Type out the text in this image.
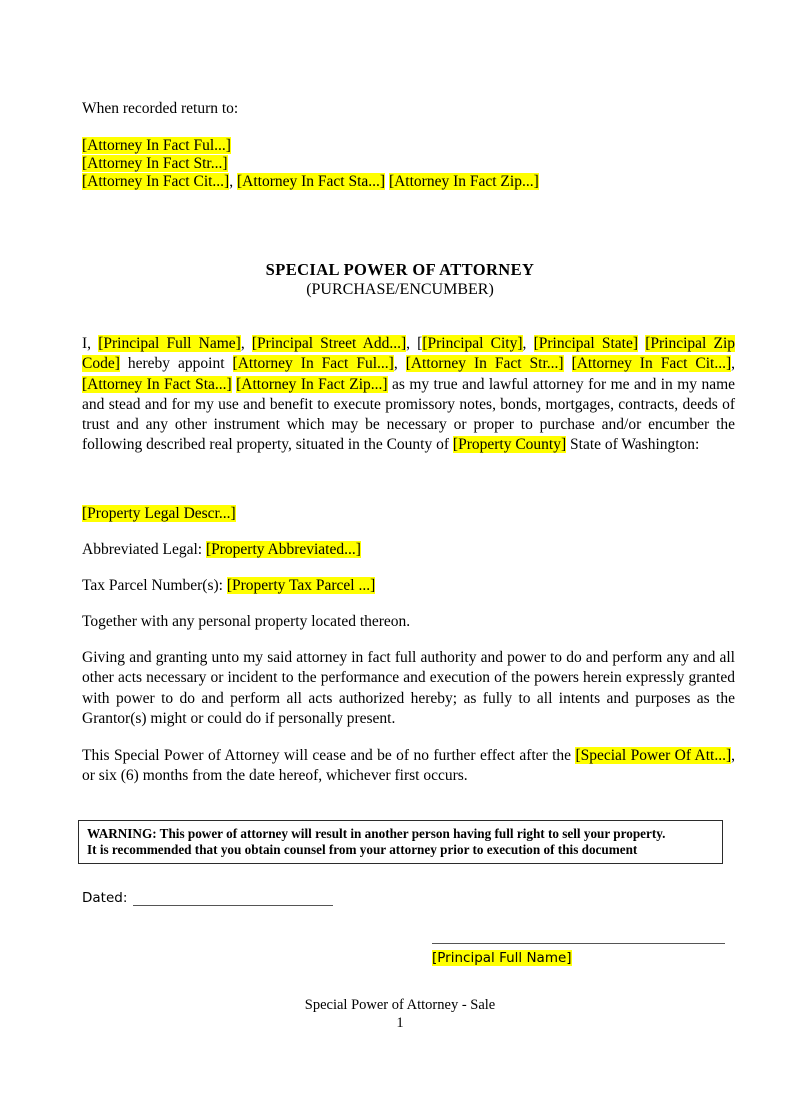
When recorded return to:
[Attorney In Fact Ful...]
[Attorney In Fact Str...]
[Attorney In Fact Cit...], [Attorney In Fact Sta...] [Attorney In Fact Zip...]
SPECIAL POWER OF ATTORNEY
(PURCHASE/ENCUMBER)
I, [Principal Full Name], [Principal Street Add...], [[Principal City], [Principal State] [Principal Zip Code] hereby appoint [Attorney In Fact Ful...], [Attorney In Fact Str...] [Attorney In Fact Cit...], [Attorney In Fact Sta...] [Attorney In Fact Zip...] as my true and lawful attorney for me and in my name and stead and for my use and benefit to execute promissory notes, bonds, mortgages, contracts, deeds of trust and any other instrument which may be necessary or proper to purchase and/or encumber the following described real property, situated in the County of [Property County] State of Washington:
[Property Legal Descr...]
Abbreviated Legal: [Property Abbreviated...]
Tax Parcel Number(s): [Property Tax Parcel ...]
Together with any personal property located thereon.
Giving and granting unto my said attorney in fact full authority and power to do and perform any and all other acts necessary or incident to the performance and execution of the powers herein expressly granted with power to do and perform all acts authorized hereby; as fully to all intents and purposes as the Grantor(s) might or could do if personally present.
This Special Power of Attorney will cease and be of no further effect after the [Special Power Of Att...], or six (6) months from the date hereof, whichever first occurs.
WARNING: This power of attorney will result in another person having full right to sell your property.
It is recommended that you obtain counsel from your attorney prior to execution of this document
Dated:
[Principal Full Name]
Special Power of Attorney - Sale
1
